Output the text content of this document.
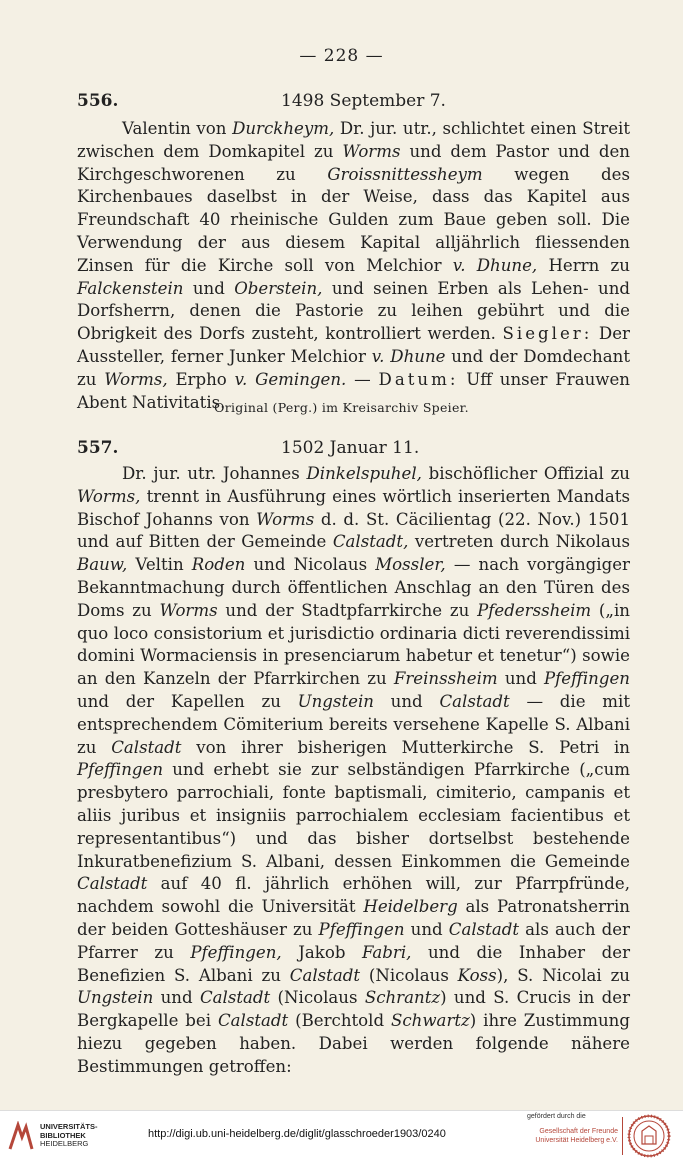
— 228 —
556.	1498 September 7.

Valentin von Durckheym, Dr. jur. utr., schlichtet einen Streit zwischen dem Domkapitel zu Worms und dem Pastor und den Kirchgeschworenen zu Groissnittessheym wegen des Kirchenbaues daselbst in der Weise, dass das Kapitel aus Freundschaft 40 rheinische Gulden zum Baue geben soll. Die Verwendung der aus diesem Kapital alljährlich fliessenden Zinsen für die Kirche soll von Melchior v. Dhune, Herrn zu Falckenstein und Oberstein, und seinen Erben als Lehen- und Dorfsherrn, denen die Pastorie zu leihen gebührt und die Obrigkeit des Dorfs zusteht, kontrolliert werden. Siegler: Der Aussteller, ferner Junker Melchior v. Dhune und der Domdechant zu Worms, Erpho v. Gemingen. — Datum: Uff unser Frauwen Abent Nativitatis.

Original (Perg.) im Kreisarchiv Speier.
557.	1502 Januar 11.

Dr. jur. utr. Johannes Dinkelspuhel, bischöflicher Offizial zu Worms, trennt in Ausführung eines wörtlich inserierten Mandats Bischof Johanns von Worms d. d. St. Cäcilientag (22. Nov.) 1501 und auf Bitten der Gemeinde Calstadt, vertreten durch Nikolaus Bauw, Veltin Roden und Nicolaus Mossler, — nach vorgängiger Bekanntmachung durch öffentlichen Anschlag an den Türen des Doms zu Worms und der Stadtpfarrkirche zu Pfederssheim („in quo loco consistorium et jurisdictio ordinaria dicti reverendissimi domini Wormaciensis in presenciarum habetur et tenetur“) sowie an den Kanzeln der Pfarrkirchen zu Freinssheim und Pfeffingen und der Kapellen zu Ungstein und Calstadt — die mit entsprechendem Cömiterium bereits versehene Kapelle S. Albani zu Calstadt von ihrer bisherigen Mutterkirche S. Petri in Pfeffingen und erhebt sie zur selbständigen Pfarrkirche („cum presbytero parrochiali, fonte baptismali, cimiterio, campanis et aliis juribus et insigniis parrochialem ecclesiam facientibus et representantibus“) und das bisher dortselbst bestehende Inkuratbenefizium S. Albani, dessen Einkommen die Gemeinde Calstadt auf 40 fl. jährlich erhöhen will, zur Pfarrpfründe, nachdem sowohl die Universität Heidelberg als Patronatsherrin der beiden Gotteshäuser zu Pfeffingen und Calstadt als auch der Pfarrer zu Pfeffingen, Jakob Fabri, und die Inhaber der Benefizien S. Albani zu Calstadt (Nicolaus Koss), S. Nicolai zu Ungstein und Calstadt (Nicolaus Schrantz) und S. Crucis in der Bergkapelle bei Calstadt (Berchtold Schwartz) ihre Zustimmung hiezu gegeben haben. Dabei werden folgende nähere Bestimmungen getroffen:

UNIVERSITÄTS-
BIBLIOTHEK
HEIDELBERG
http://digi.ub.uni-heidelberg.de/diglit/glasschroeder1903/0240
gefördert durch die
Gesellschaft der Freunde
Universität Heidelberg e.V.
